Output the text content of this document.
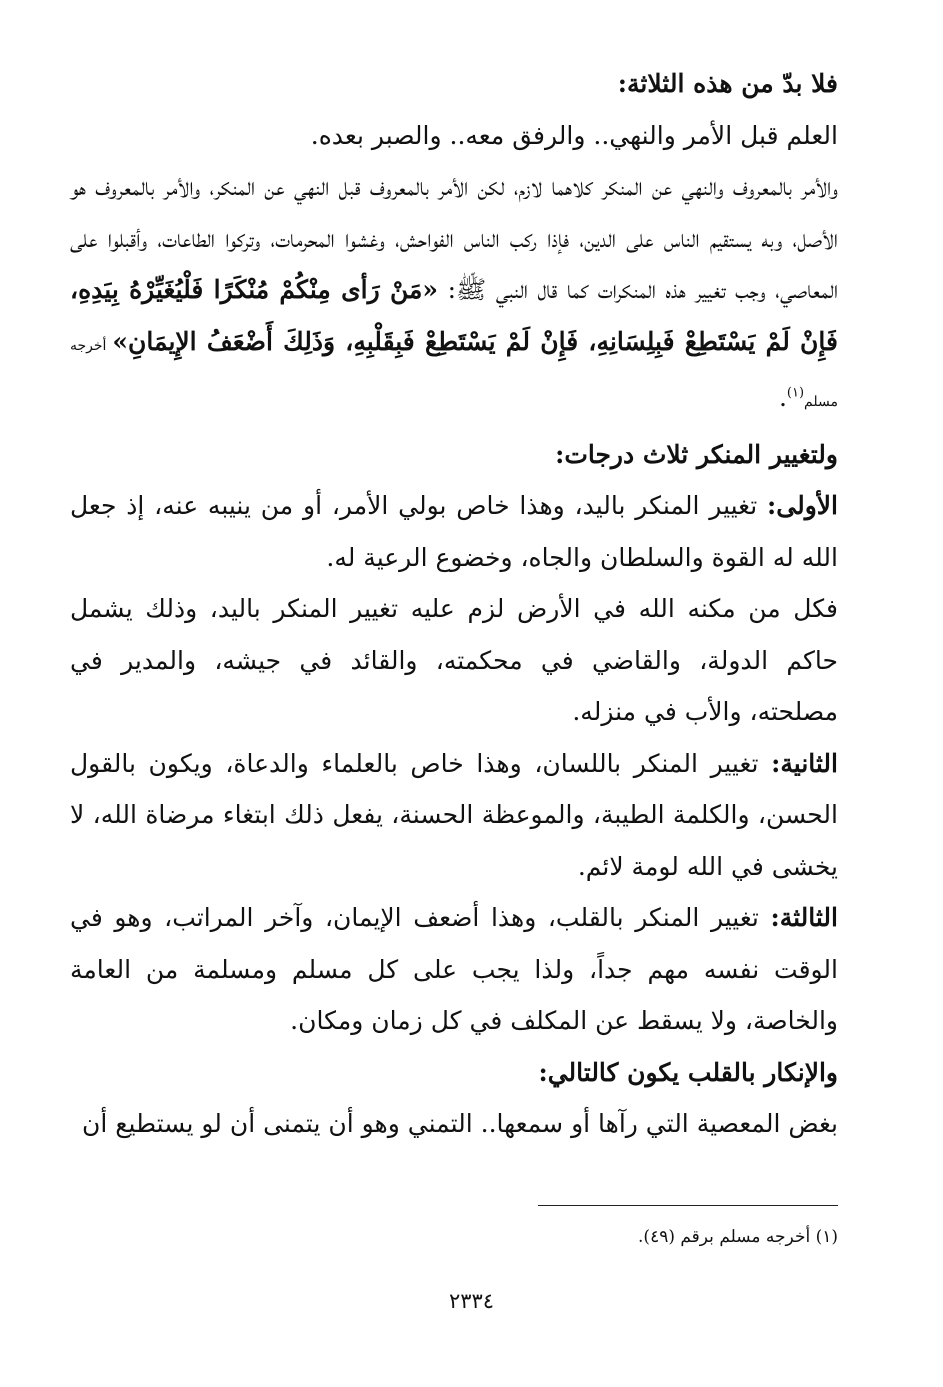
فلا بدّ من هذه الثلاثة:

العلم قبل الأمر والنهي.. والرفق معه.. والصبر بعده.

والأمر بالمعروف والنهي عن المنكر كلاهما لازم، لكن الأمر بالمعروف قبل النهي عن المنكر، والأمر بالمعروف هو الأصل، وبه يستقيم الناس على الدين، فإذا ركب الناس الفواحش، وغشوا المحرمات، وتركوا الطاعات، وأقبلوا على المعاصي، وجب تغيير هذه المنكرات كما قال النبي ﷺ: «مَنْ رَأى مِنْكُمْ مُنْكَرًا فَلْيُغَيِّرْهُ بِيَدِهِ، فَإِنْ لَمْ يَسْتَطِعْ فَبِلِسَانِهِ، فَإِنْ لَمْ يَسْتَطِعْ فَبِقَلْبِهِ، وَذَلِكَ أَضْعَفُ الإِيمَانِ» أخرجه مسلم$^{(١)}$.

ولتغيير المنكر ثلاث درجات:

الأولى: تغيير المنكر باليد، وهذا خاص بولي الأمر، أو من ينيبه عنه، إذ جعل الله له القوة والسلطان والجاه، وخضوع الرعية له.

فكل من مكنه الله في الأرض لزم عليه تغيير المنكر باليد، وذلك يشمل حاكم الدولة، والقاضي في محكمته، والقائد في جيشه، والمدير في مصلحته، والأب في منزله.

الثانية: تغيير المنكر باللسان، وهذا خاص بالعلماء والدعاة، ويكون بالقول الحسن، والكلمة الطيبة، والموعظة الحسنة، يفعل ذلك ابتغاء مرضاة الله، لا يخشى في الله لومة لائم.

الثالثة: تغيير المنكر بالقلب، وهذا أضعف الإيمان، وآخر المراتب، وهو في الوقت نفسه مهم جداً، ولذا يجب على كل مسلم ومسلمة من العامة والخاصة، ولا يسقط عن المكلف في كل زمان ومكان.

والإنكار بالقلب يكون كالتالي:

بغض المعصية التي رآها أو سمعها.. التمني وهو أن يتمنى أن لو يستطيع أن

(١) أخرجه مسلم برقم (٤٩).
٢٣٣٤
